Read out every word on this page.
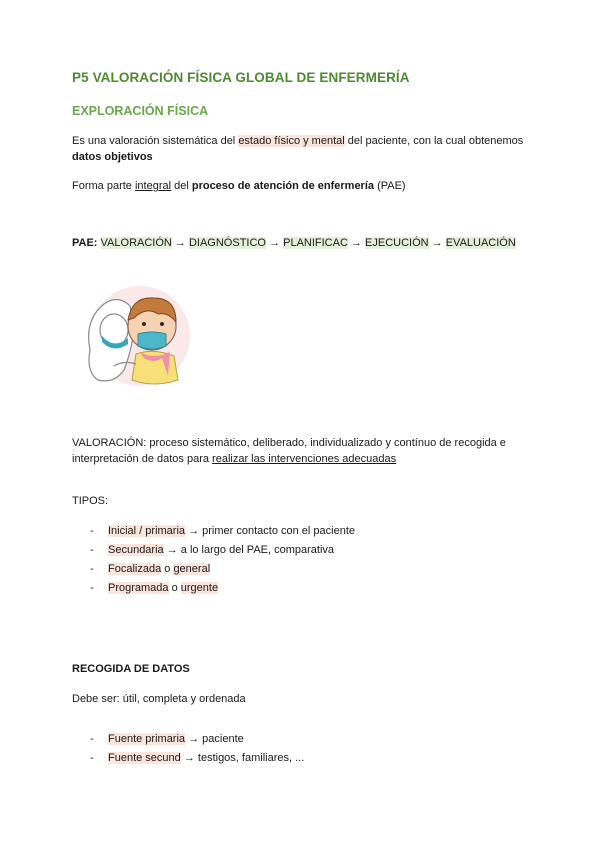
P5 VALORACIÓN FÍSICA GLOBAL DE ENFERMERÍA
EXPLORACIÓN FÍSICA
Es una valoración sistemática del estado físico y mental del paciente, con la cual obtenemos
datos objetivos
Forma parte integral del proceso de atención de enfermería (PAE)
PAE: VALORACIÓN → DIAGNÓSTICO → PLANIFICAC → EJECUCIÓN → EVALUACIÓN
VALORACIÓN: proceso sistemático, deliberado, individualizado y contínuo de recogida e
interpretación de datos para realizar las intervenciones adecuadas
TIPOS:
- Inicial / primaria → primer contacto con el paciente
- Secundaria → a lo largo del PAE, comparativa
- Focalizada o general
- Programada o urgente
RECOGIDA DE DATOS
Debe ser: útil, completa y ordenada
- Fuente primaria → paciente
- Fuente secund → testigos, familiares, ...
